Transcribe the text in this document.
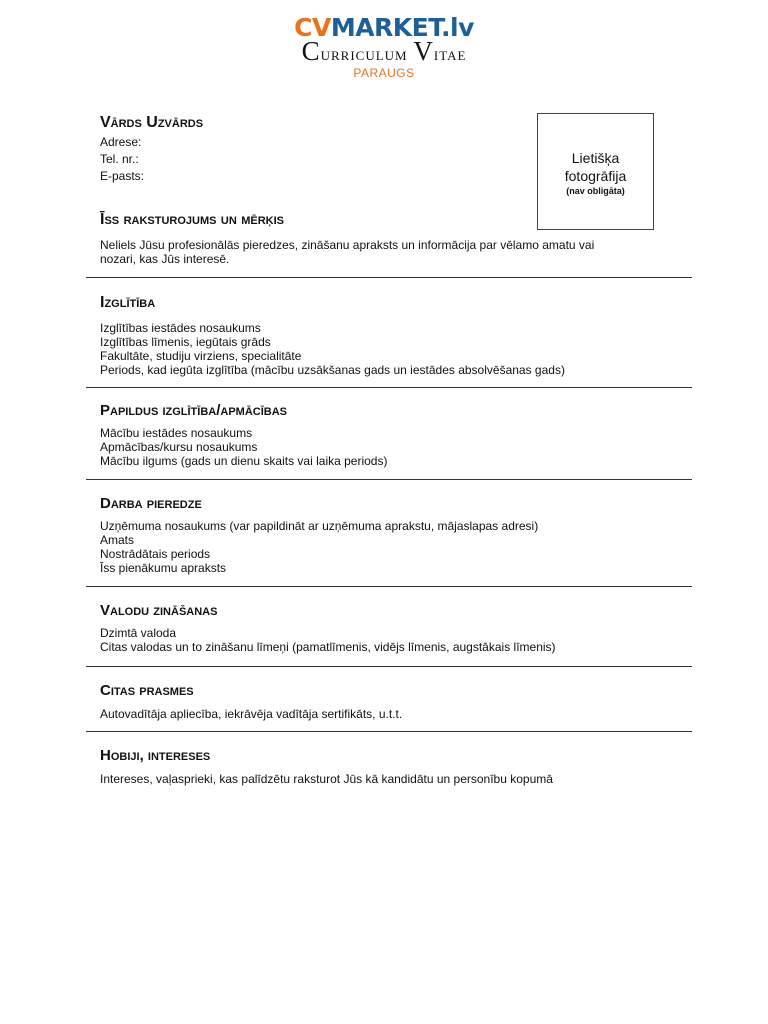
CVMARKET.lv
Curriculum Vitae
PARAUGS
Lietišķa
fotogrāfija
(nav obligāta)
Vārds Uzvārds
Adrese:
Tel. nr.:
E-pasts:
Īss raksturojums un mērķis
Neliels Jūsu profesionālās pieredzes, zināšanu apraksts un informācija par vēlamo amatu vai
nozari, kas Jūs interesē.
Izglītība
Izglītības iestādes nosaukums
Izglītības līmenis, iegūtais grāds
Fakultāte, studiju virziens, specialitāte
Periods, kad iegūta izglītība (mācību uzsākšanas gads un iestādes absolvēšanas gads)
Papildus izglītība/apmācības
Mācību iestādes nosaukums
Apmācības/kursu nosaukums
Mācību ilgums (gads un dienu skaits vai laika periods)
Darba pieredze
Uzņēmuma nosaukums (var papildināt ar uzņēmuma aprakstu, mājaslapas adresi)
Amats
Nostrādātais periods
Īss pienākumu apraksts
Valodu zināšanas
Dzimtā valoda
Citas valodas un to zināšanu līmeņi (pamatlīmenis, vidējs līmenis, augstākais līmenis)
Citas prasmes
Autovadītāja apliecība, iekrāvēja vadītāja sertifikāts, u.t.t.
Hobiji, intereses
Intereses, vaļasprieki, kas palīdzētu raksturot Jūs kā kandidātu un personību kopumā
